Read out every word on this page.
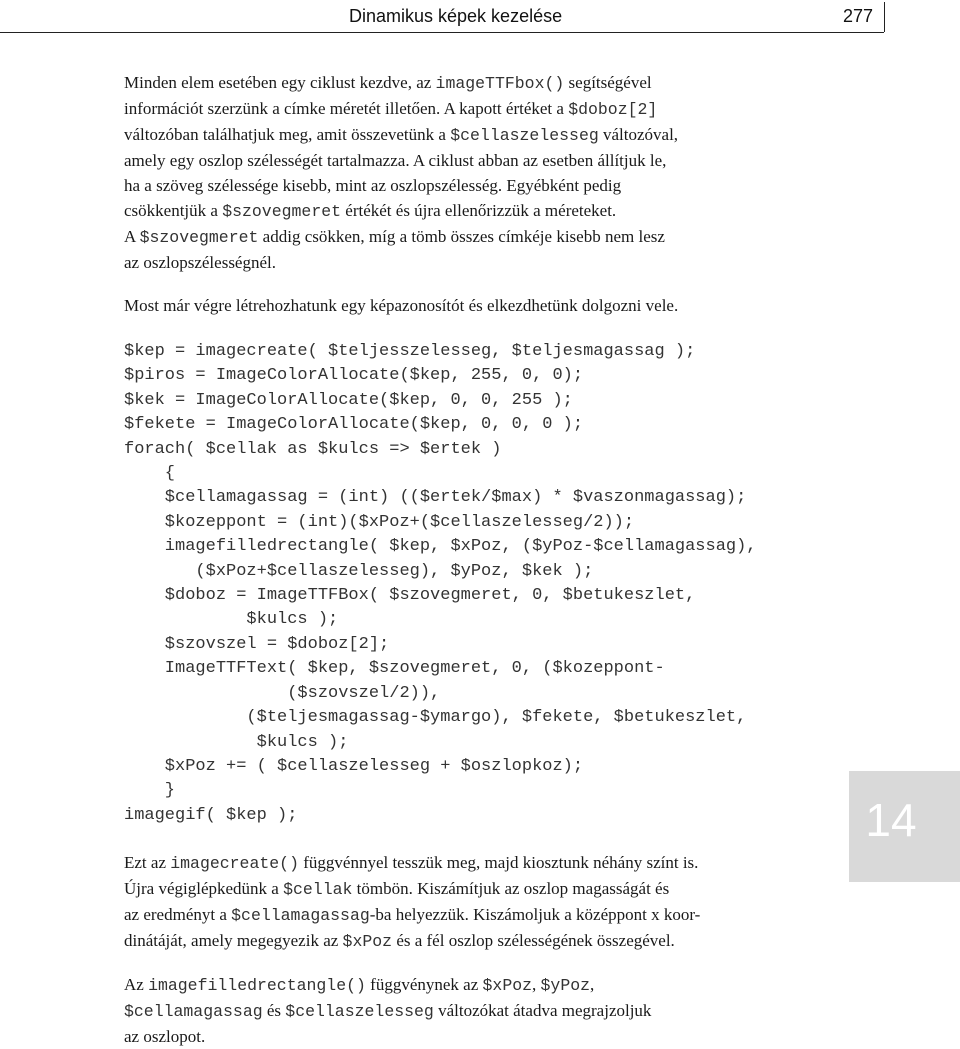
Dinamikus képek kezelése	277

Minden elem esetében egy ciklust kezdve, az imageTTFbox() segítségével
információt szerzünk a címke méretét illetően. A kapott értéket a $doboz[2]
változóban találhatjuk meg, amit összevetünk a $cellaszelesseg változóval,
amely egy oszlop szélességét tartalmazza. A ciklust abban az esetben állítjuk le,
ha a szöveg szélessége kisebb, mint az oszlopszélesség. Egyébként pedig
csökkentjük a $szovegmeret értékét és újra ellenőrizzük a méreteket.
A $szovegmeret addig csökken, míg a tömb összes címkéje kisebb nem lesz
az oszlopszélességnél.

Most már végre létrehozhatunk egy képazonosítót és elkezdhetünk dolgozni vele.

$kep = imagecreate( $teljesszelesseg, $teljesmagassag );
$piros = ImageColorAllocate($kep, 255, 0, 0);
$kek = ImageColorAllocate($kep, 0, 0, 255 );
$fekete = ImageColorAllocate($kep, 0, 0, 0 );
forach( $cellak as $kulcs => $ertek )
{
$cellamagassag = (int) (($ertek/$max) * $vaszonmagassag);
$kozeppont = (int)($xPoz+($cellaszelesseg/2));
imagefilledrectangle( $kep, $xPoz, ($yPoz-$cellamagassag),
($xPoz+$cellaszelesseg), $yPoz, $kek );
$doboz = ImageTTFBox( $szovegmeret, 0, $betukeszlet,
$kulcs );
$szovszel = $doboz[2];
ImageTTFText( $kep, $szovegmeret, 0, ($kozeppont-
($szovszel/2)),
($teljesmagassag-$ymargo), $fekete, $betukeszlet,
$kulcs );
$xPoz += ( $cellaszelesseg + $oszlopkoz);
}
imagegif( $kep );

Ezt az imagecreate() függvénnyel tesszük meg, majd kiosztunk néhány színt is.
Újra végiglépkedünk a $cellak tömbön. Kiszámítjuk az oszlop magasságát és
az eredményt a $cellamagassag-ba helyezzük. Kiszámoljuk a középpont x koor-
dinátáját, amely megegyezik az $xPoz és a fél oszlop szélességének összegével.

Az imagefilledrectangle() függvénynek az $xPoz, $yPoz,
$cellamagassag és $cellaszelesseg változókat átadva megrajzoljuk
az oszlopot.

14
